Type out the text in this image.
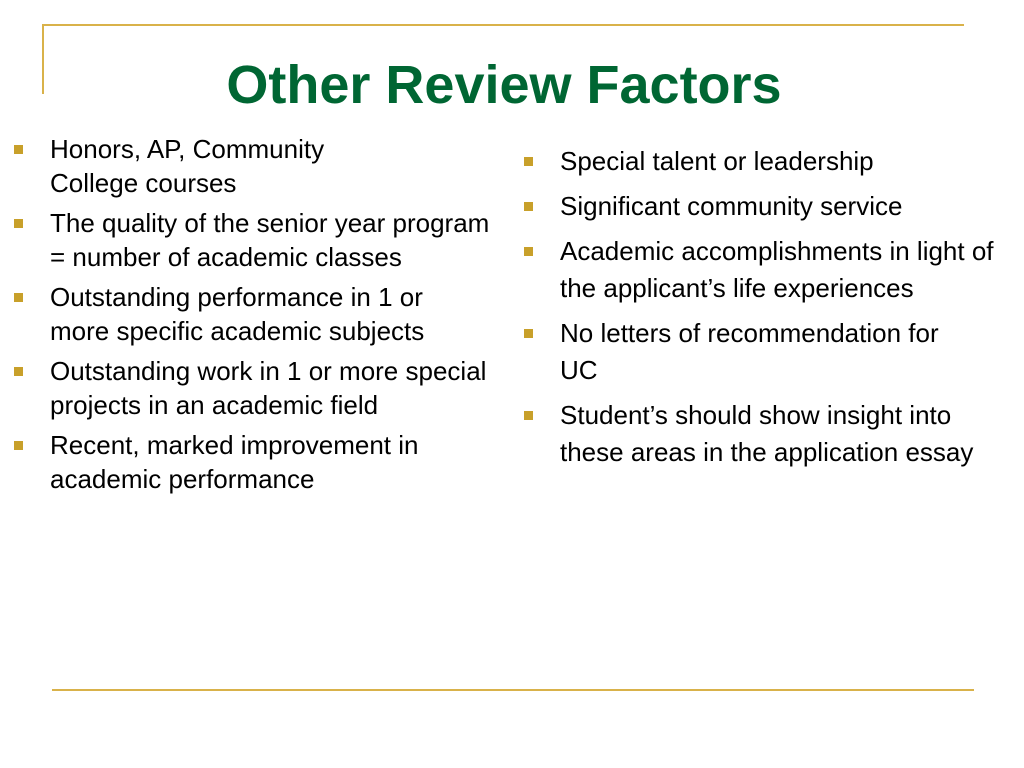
Other Review Factors
Honors, AP, Community College courses
The quality of the senior year program = number of academic classes
Outstanding performance in 1 or more specific academic subjects
Outstanding work in 1 or more special projects in an academic field
Recent, marked improvement in academic performance
Special talent or leadership
Significant community service
Academic accomplishments in light of the applicant’s life experiences
No letters of recommendation for UC
Student’s should show insight into these areas in the application essay
